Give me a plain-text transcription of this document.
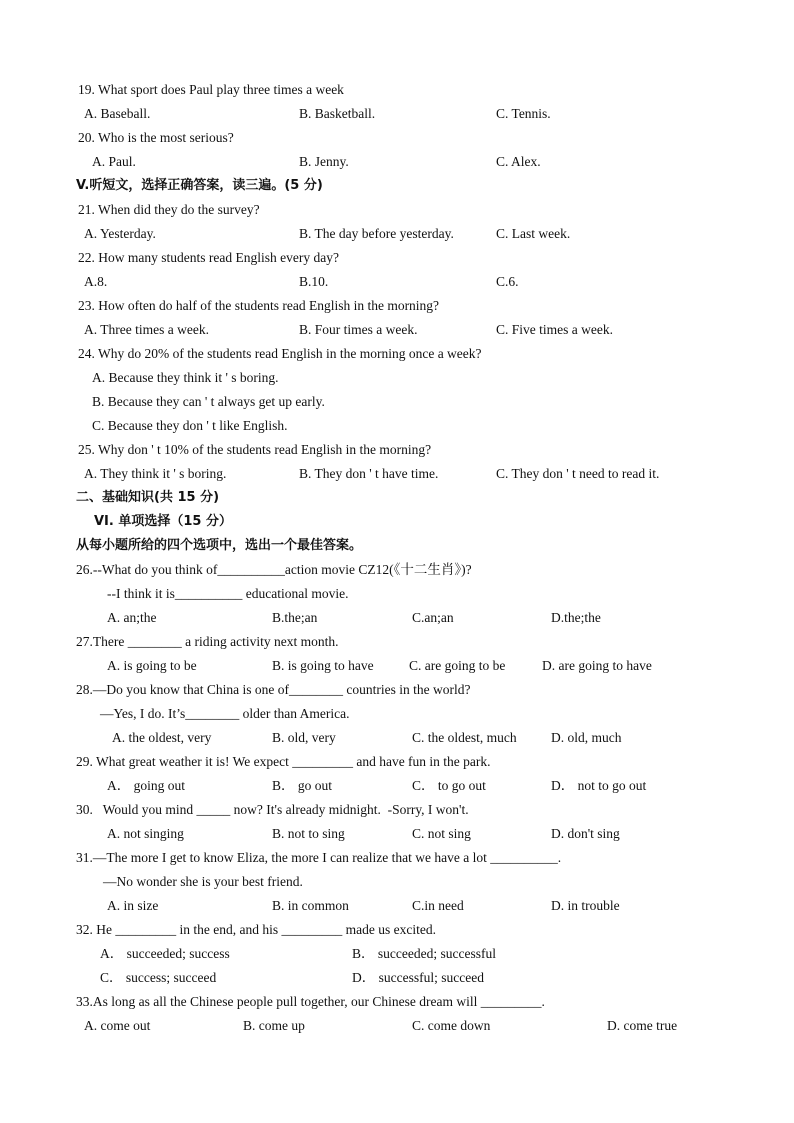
19. What sport does Paul play three times a week
A. Baseball.	B. Basketball.	C. Tennis.
20. Who is the most serious?
A. Paul.	B. Jenny.	C. Alex.
V.听短文，选择正确答案，读三遍。(5 分)
21. When did they do the survey?
A. Yesterday.	B. The day before yesterday.	C. Last week.
22. How many students read English every day?
A.8.	B.10.	C.6.
23. How often do half of the students read English in the morning?
A. Three times a week.	B. Four times a week.	C. Five times a week.
24. Why do 20% of the students read English in the morning once a week?
A. Because they think it ' s boring.
B. Because they can ' t always get up early.
C. Because they don ' t like English.
25. Why don ' t 10% of the students read English in the morning?
A. They think it ' s boring.	B. They don ' t have time.	C. They don ' t need to read it.
二、基础知识(共 15 分)
VI. 单项选择（15 分）
从每小题所给的四个选项中，选出一个最佳答案。
26.--What do you think of__________action movie CZ12(《十二生肖》)?
--I think it is__________ educational movie.
A. an;the	B.the;an	C.an;an	D.the;the
27.There ________ a riding activity next month.
A. is going to be	B. is going to have	C. are going to be	D. are going to have
28.—Do you know that China is one of________ countries in the world?
—Yes, I do. It’s________ older than America.
A. the oldest, very	B. old, very	C. the oldest, much	D. old, much
29. What great weather it is! We expect _________ and have fun in the park.
A． going out	B． go out	C． to go out	D． not to go out
30.   Would you mind _____ now? It's already midnight.  -Sorry, I won't.
A. not singing	B. not to sing	C. not sing	D. don't sing
31.—The more I get to know Eliza, the more I can realize that we have a lot __________.
—No wonder she is your best friend.
A. in size	B. in common	C.in need	D. in trouble
32. He _________ in the end, and his _________ made us excited.
A． succeeded; success	B． succeeded; successful
C． success; succeed	D． successful; succeed
33.As long as all the Chinese people pull together, our Chinese dream will _________.
A. come out	B. come up	C. come down	D. come true
